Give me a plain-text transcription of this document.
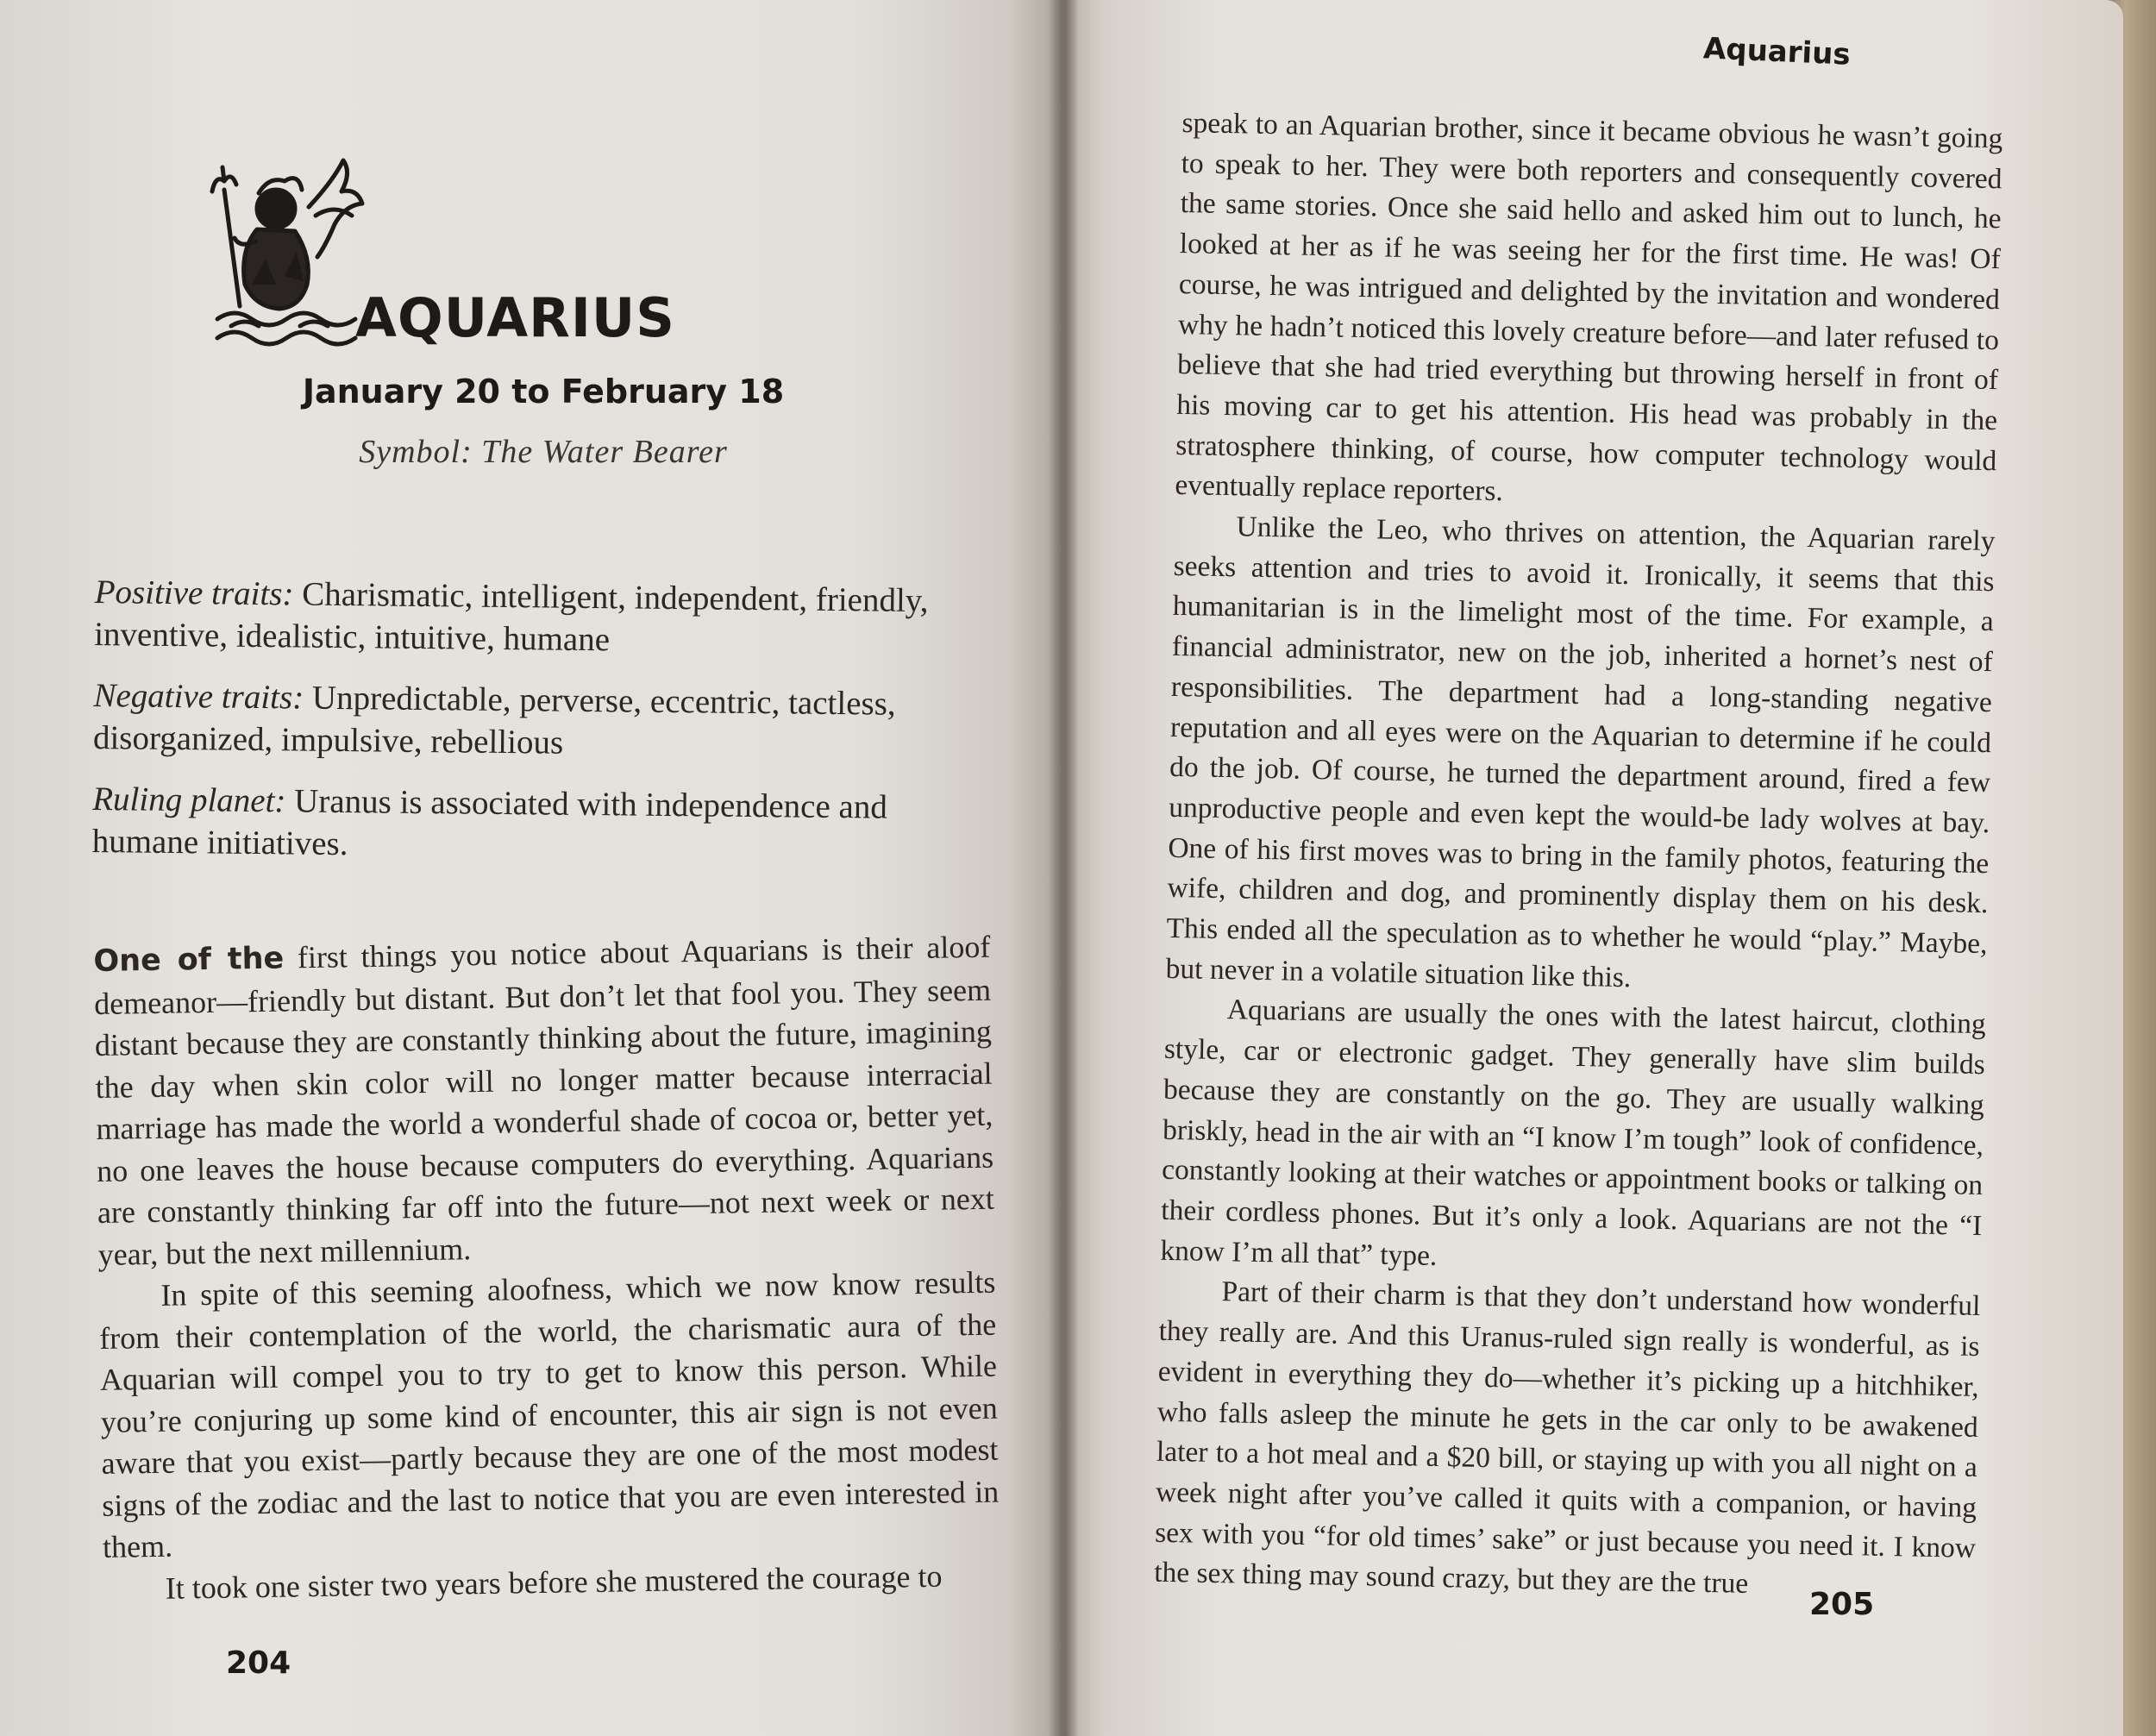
AQUARIUS

January 20 to February 18

Symbol: The Water Bearer

Positive traits: Charismatic, intelligent, independent, friendly, inventive, idealistic, intuitive, humane

Negative traits: Unpredictable, perverse, eccentric, tactless, disorganized, impulsive, rebellious

Ruling planet: Uranus is associated with independence and humane initiatives.

One of the first things you notice about Aquarians is their aloof demeanor—friendly but distant. But don’t let that fool you. They seem distant because they are constantly thinking about the future, imagining the day when skin color will no longer matter because interracial marriage has made the world a wonderful shade of cocoa or, better yet, no one leaves the house because computers do everything. Aquarians are constantly thinking far off into the future—not next week or next year, but the next millennium.

In spite of this seeming aloofness, which we now know results from their contemplation of the world, the charismatic aura of the Aquarian will compel you to try to get to know this person. While you’re conjuring up some kind of encounter, this air sign is not even aware that you exist—partly because they are one of the most modest signs of the zodiac and the last to notice that you are even interested in them.

It took one sister two years before she mustered the courage to

204

Aquarius

speak to an Aquarian brother, since it became obvious he wasn’t going to speak to her. They were both reporters and consequently covered the same stories. Once she said hello and asked him out to lunch, he looked at her as if he was seeing her for the first time. He was! Of course, he was intrigued and delighted by the invitation and wondered why he hadn’t noticed this lovely creature before—and later refused to believe that she had tried everything but throwing herself in front of his moving car to get his attention. His head was probably in the stratosphere thinking, of course, how computer technology would eventually replace reporters.

Unlike the Leo, who thrives on attention, the Aquarian rarely seeks attention and tries to avoid it. Ironically, it seems that this humanitarian is in the limelight most of the time. For example, a financial administrator, new on the job, inherited a hornet’s nest of responsibilities. The department had a long-standing negative reputation and all eyes were on the Aquarian to determine if he could do the job. Of course, he turned the department around, fired a few unproductive people and even kept the would-be lady wolves at bay. One of his first moves was to bring in the family photos, featuring the wife, children and dog, and prominently display them on his desk. This ended all the speculation as to whether he would “play.” Maybe, but never in a volatile situation like this.

Aquarians are usually the ones with the latest haircut, clothing style, car or electronic gadget. They generally have slim builds because they are constantly on the go. They are usually walking briskly, head in the air with an “I know I’m tough” look of confidence, constantly looking at their watches or appointment books or talking on their cordless phones. But it’s only a look. Aquarians are not the “I know I’m all that” type.

Part of their charm is that they don’t understand how wonderful they really are. And this Uranus-ruled sign really is wonderful, as is evident in everything they do—whether it’s picking up a hitchhiker, who falls asleep the minute he gets in the car only to be awakened later to a hot meal and a $20 bill, or staying up with you all night on a week night after you’ve called it quits with a companion, or having sex with you “for old times’ sake” or just because you need it. I know the sex thing may sound crazy, but they are the true

205
